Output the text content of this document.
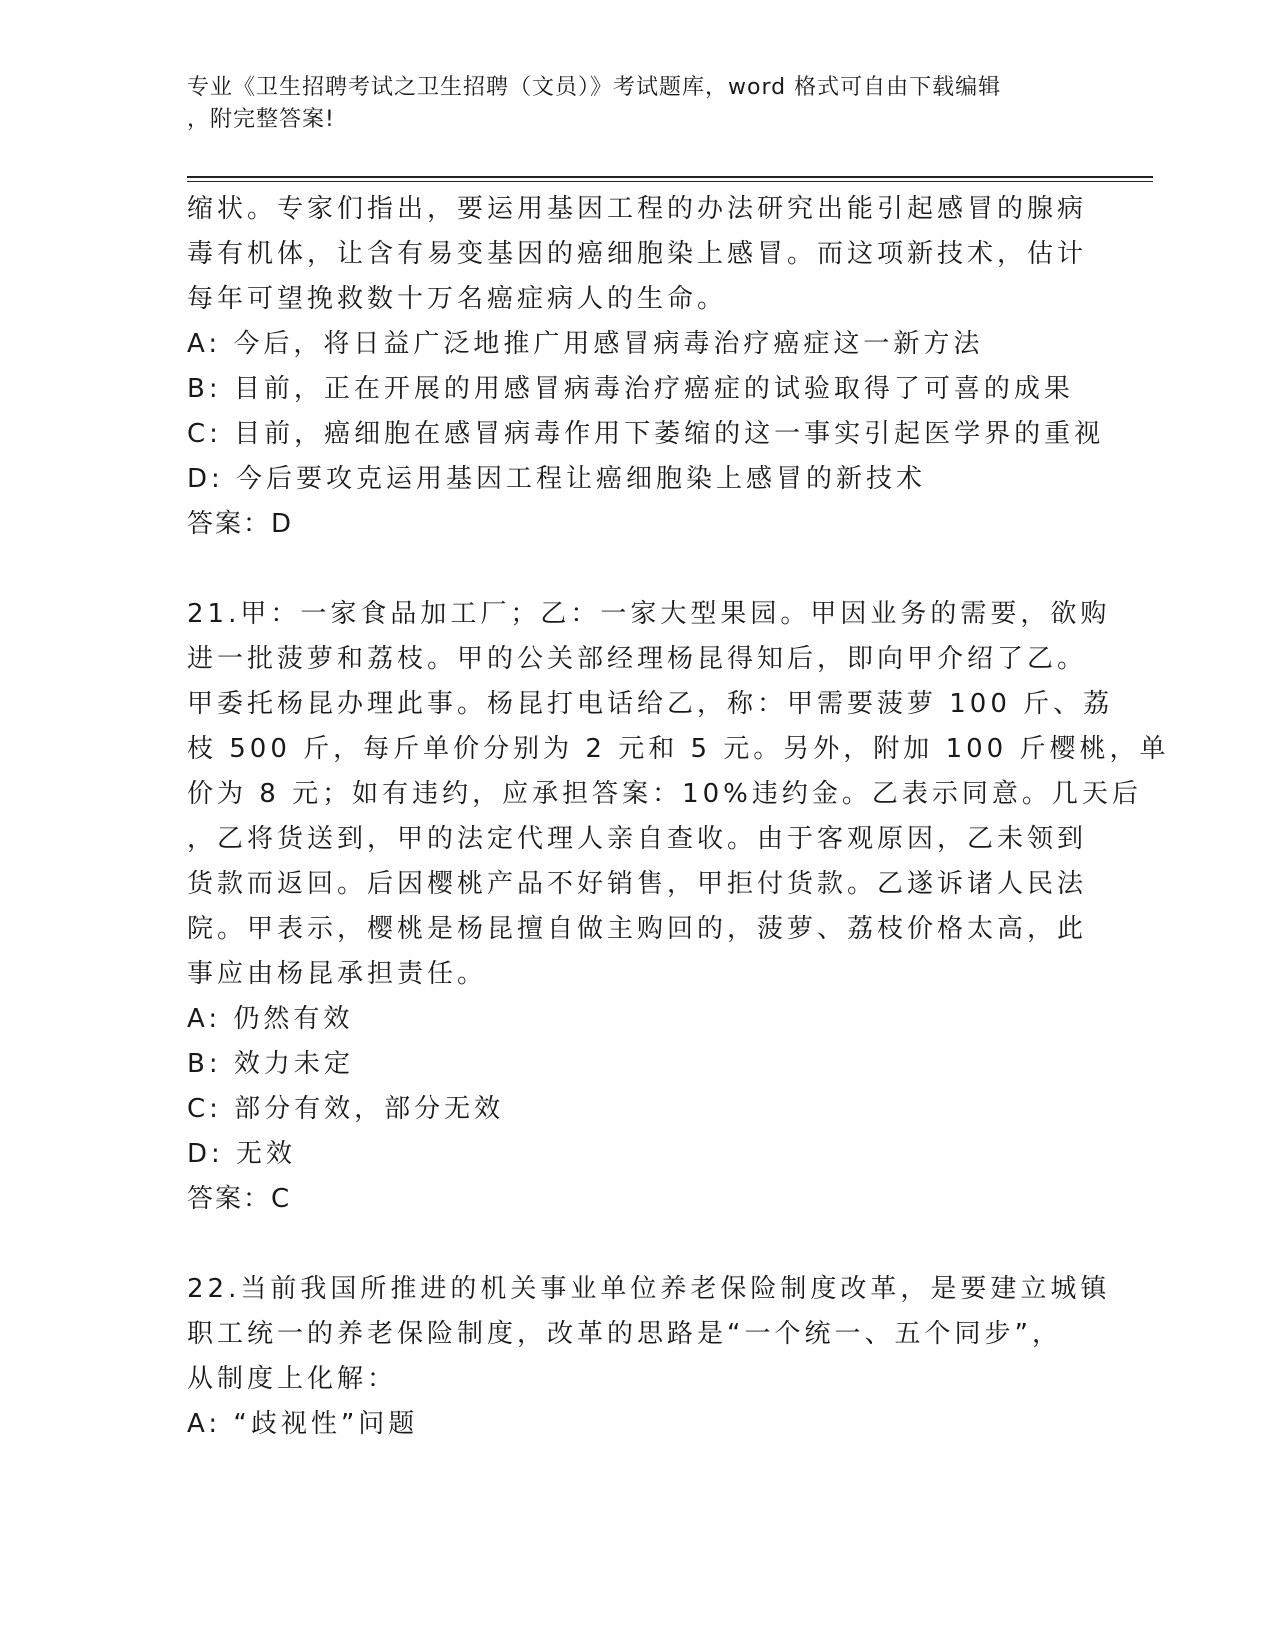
专业《卫生招聘考试之卫生招聘（文员）》考试题库，word 格式可自由下载编辑
，附完整答案!
缩状。专家们指出，要运用基因工程的办法研究出能引起感冒的腺病
毒有机体，让含有易变基因的癌细胞染上感冒。而这项新技术，估计
每年可望挽救数十万名癌症病人的生命。
A: 今后，将日益广泛地推广用感冒病毒治疗癌症这一新方法
B: 目前，正在开展的用感冒病毒治疗癌症的试验取得了可喜的成果
C: 目前，癌细胞在感冒病毒作用下萎缩的这一事实引起医学界的重视
D: 今后要攻克运用基因工程让癌细胞染上感冒的新技术
答案：D
21.甲：一家食品加工厂；乙：一家大型果园。甲因业务的需要，欲购
进一批菠萝和荔枝。甲的公关部经理杨昆得知后，即向甲介绍了乙。
甲委托杨昆办理此事。杨昆打电话给乙，称：甲需要菠萝 100 斤、荔
枝 500 斤，每斤单价分别为 2 元和 5 元。另外，附加 100 斤樱桃，单
价为 8 元；如有违约，应承担答案：10%违约金。乙表示同意。几天后
，乙将货送到，甲的法定代理人亲自查收。由于客观原因，乙未领到
货款而返回。后因樱桃产品不好销售，甲拒付货款。乙遂诉诸人民法
院。甲表示，樱桃是杨昆擅自做主购回的，菠萝、荔枝价格太高，此
事应由杨昆承担责任。
A: 仍然有效
B: 效力未定
C: 部分有效，部分无效
D: 无效
答案：C
22.当前我国所推进的机关事业单位养老保险制度改革，是要建立城镇
职工统一的养老保险制度，改革的思路是“一个统一、五个同步”，
从制度上化解：
A: “歧视性”问题
